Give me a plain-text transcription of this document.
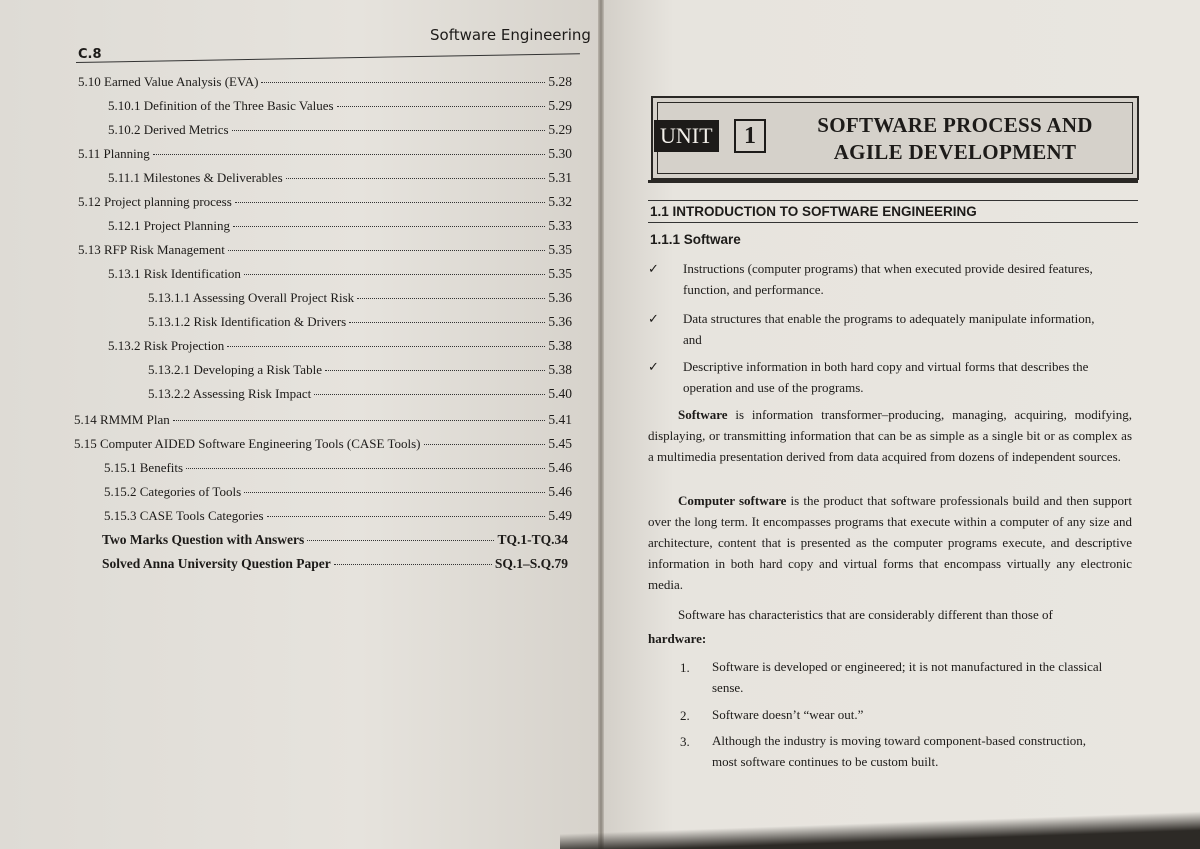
Software Engineering
C.8
5.10 Earned Value Analysis (EVA)	5.28
5.10.1 Definition of the Three Basic Values	5.29
5.10.2 Derived Metrics	5.29
5.11 Planning	5.30
5.11.1 Milestones & Deliverables	5.31
5.12 Project planning process	5.32
5.12.1 Project Planning	5.33
5.13 RFP Risk Management	5.35
5.13.1 Risk Identification	5.35
5.13.1.1 Assessing Overall Project Risk	5.36
5.13.1.2 Risk Identification & Drivers	5.36
5.13.2 Risk Projection	5.38
5.13.2.1 Developing a Risk Table	5.38
5.13.2.2 Assessing Risk Impact	5.40
5.14 RMMM Plan	5.41
5.15 Computer AIDED Software Engineering Tools (CASE Tools)	5.45
5.15.1 Benefits	5.46
5.15.2 Categories of Tools	5.46
5.15.3 CASE Tools Categories	5.49
Two Marks Question with Answers	TQ.1-TQ.34
Solved Anna University Question Paper	SQ.1–S.Q.79
UNIT	1	SOFTWARE PROCESS AND
AGILE DEVELOPMENT
1.1 INTRODUCTION TO SOFTWARE ENGINEERING
1.1.1 Software
✓ Instructions (computer programs) that when executed provide desired features,
function, and performance.
✓ Data structures that enable the programs to adequately manipulate information,
and
✓ Descriptive information in both hard copy and virtual forms that describes the
operation and use of the programs.
Software is information transformer–producing, managing, acquiring, modifying, displaying, or transmitting information that can be as simple as a single bit or as complex as a multimedia presentation derived from data acquired from dozens of independent sources.
Computer software is the product that software professionals build and then support over the long term. It encompasses programs that execute within a computer of any size and architecture, content that is presented as the computer programs execute, and descriptive information in both hard copy and virtual forms that encompass virtually any electronic media.
Software has characteristics that are considerably different than those of
hardware:
1. Software is developed or engineered; it is not manufactured in the classical
sense.
2. Software doesn’t “wear out.”
3. Although the industry is moving toward component-based construction,
most software continues to be custom built.
